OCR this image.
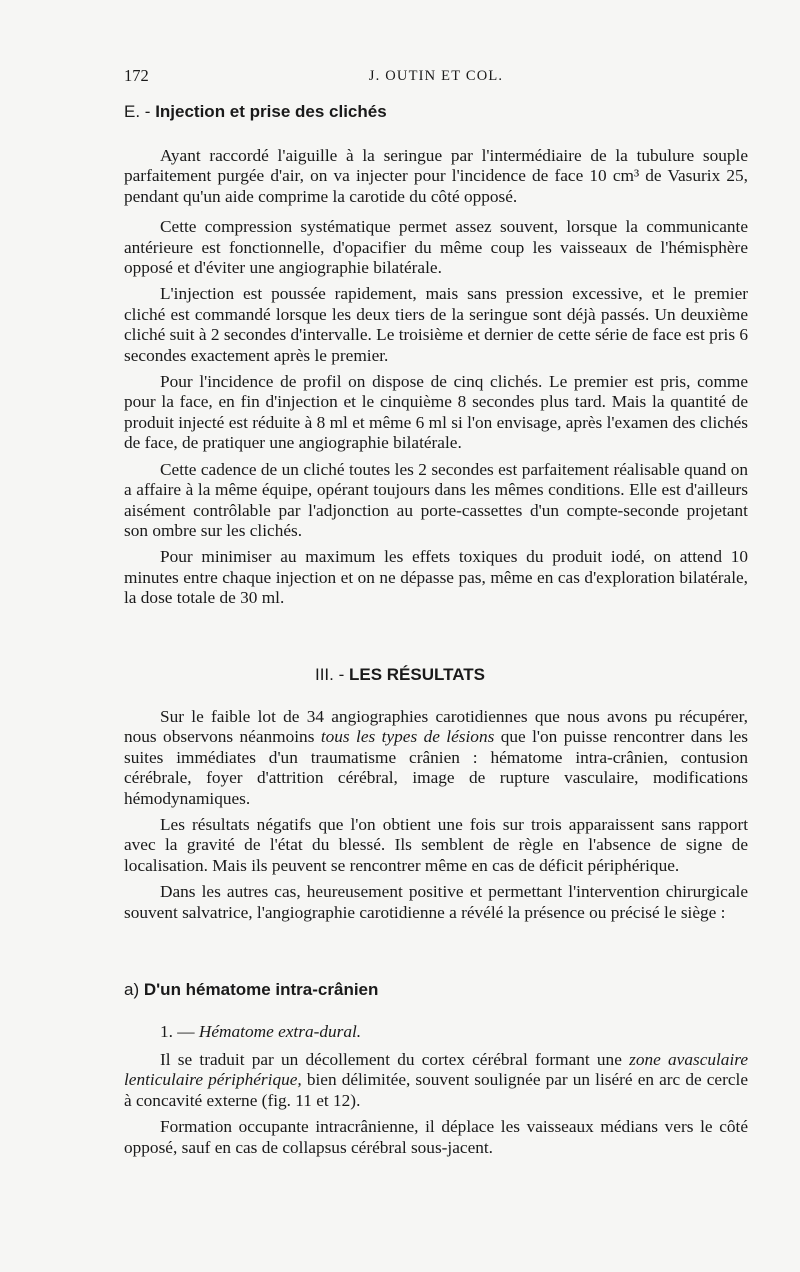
172	J. OUTIN ET COL.
E. - Injection et prise des clichés

Ayant raccordé l'aiguille à la seringue par l'intermédiaire de la tubulure souple parfaitement purgée d'air, on va injecter pour l'incidence de face 10 cm³ de Vasurix 25, pendant qu'un aide comprime la carotide du côté opposé.

Cette compression systématique permet assez souvent, lorsque la communicante antérieure est fonctionnelle, d'opacifier du même coup les vaisseaux de l'hémisphère opposé et d'éviter une angiographie bilatérale.

L'injection est poussée rapidement, mais sans pression excessive, et le premier cliché est commandé lorsque les deux tiers de la seringue sont déjà passés. Un deuxième cliché suit à 2 secondes d'intervalle. Le troisième et dernier de cette série de face est pris 6 secondes exactement après le premier.

Pour l'incidence de profil on dispose de cinq clichés. Le premier est pris, comme pour la face, en fin d'injection et le cinquième 8 secondes plus tard. Mais la quantité de produit injecté est réduite à 8 ml et même 6 ml si l'on envisage, après l'examen des clichés de face, de pratiquer une angiographie bilatérale.

Cette cadence de un cliché toutes les 2 secondes est parfaitement réalisable quand on a affaire à la même équipe, opérant toujours dans les mêmes conditions. Elle est d'ailleurs aisément contrôlable par l'adjonction au porte-cassettes d'un compte-seconde projetant son ombre sur les clichés.

Pour minimiser au maximum les effets toxiques du produit iodé, on attend 10 minutes entre chaque injection et on ne dépasse pas, même en cas d'exploration bilatérale, la dose totale de 30 ml.

III. - LES RÉSULTATS

Sur le faible lot de 34 angiographies carotidiennes que nous avons pu récupérer, nous observons néanmoins tous les types de lésions que l'on puisse rencontrer dans les suites immédiates d'un traumatisme crânien : hématome intra-crânien, contusion cérébrale, foyer d'attrition cérébral, image de rupture vasculaire, modifications hémodynamiques.

Les résultats négatifs que l'on obtient une fois sur trois apparaissent sans rapport avec la gravité de l'état du blessé. Ils semblent de règle en l'absence de signe de localisation. Mais ils peuvent se rencontrer même en cas de déficit périphérique.

Dans les autres cas, heureusement positive et permettant l'intervention chirurgicale souvent salvatrice, l'angiographie carotidienne a révélé la présence ou précisé le siège :

a) D'un hématome intra-crânien
1. — Hématome extra-dural.

Il se traduit par un décollement du cortex cérébral formant une zone avasculaire lenticulaire périphérique, bien délimitée, souvent soulignée par un liséré en arc de cercle à concavité externe (fig. 11 et 12).

Formation occupante intracrânienne, il déplace les vaisseaux médians vers le côté opposé, sauf en cas de collapsus cérébral sous-jacent.
